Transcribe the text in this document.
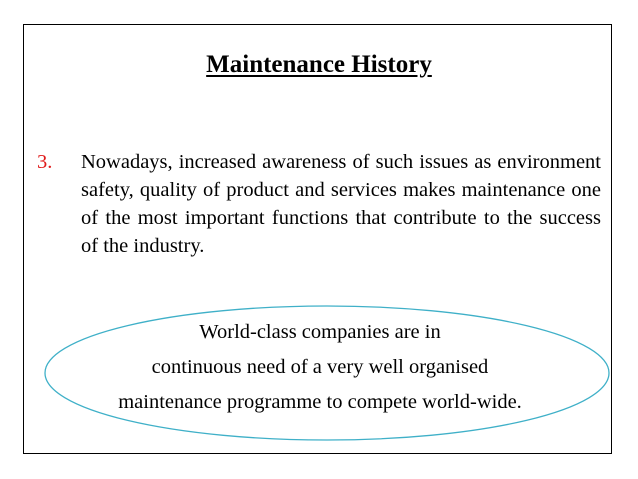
Maintenance History
3. Nowadays, increased awareness of such issues as environment safety, quality of product and services makes maintenance one of the most important functions that contribute to the success of the industry.
World-class companies are in
continuous need of a very well organised
maintenance programme to compete world-wide.
